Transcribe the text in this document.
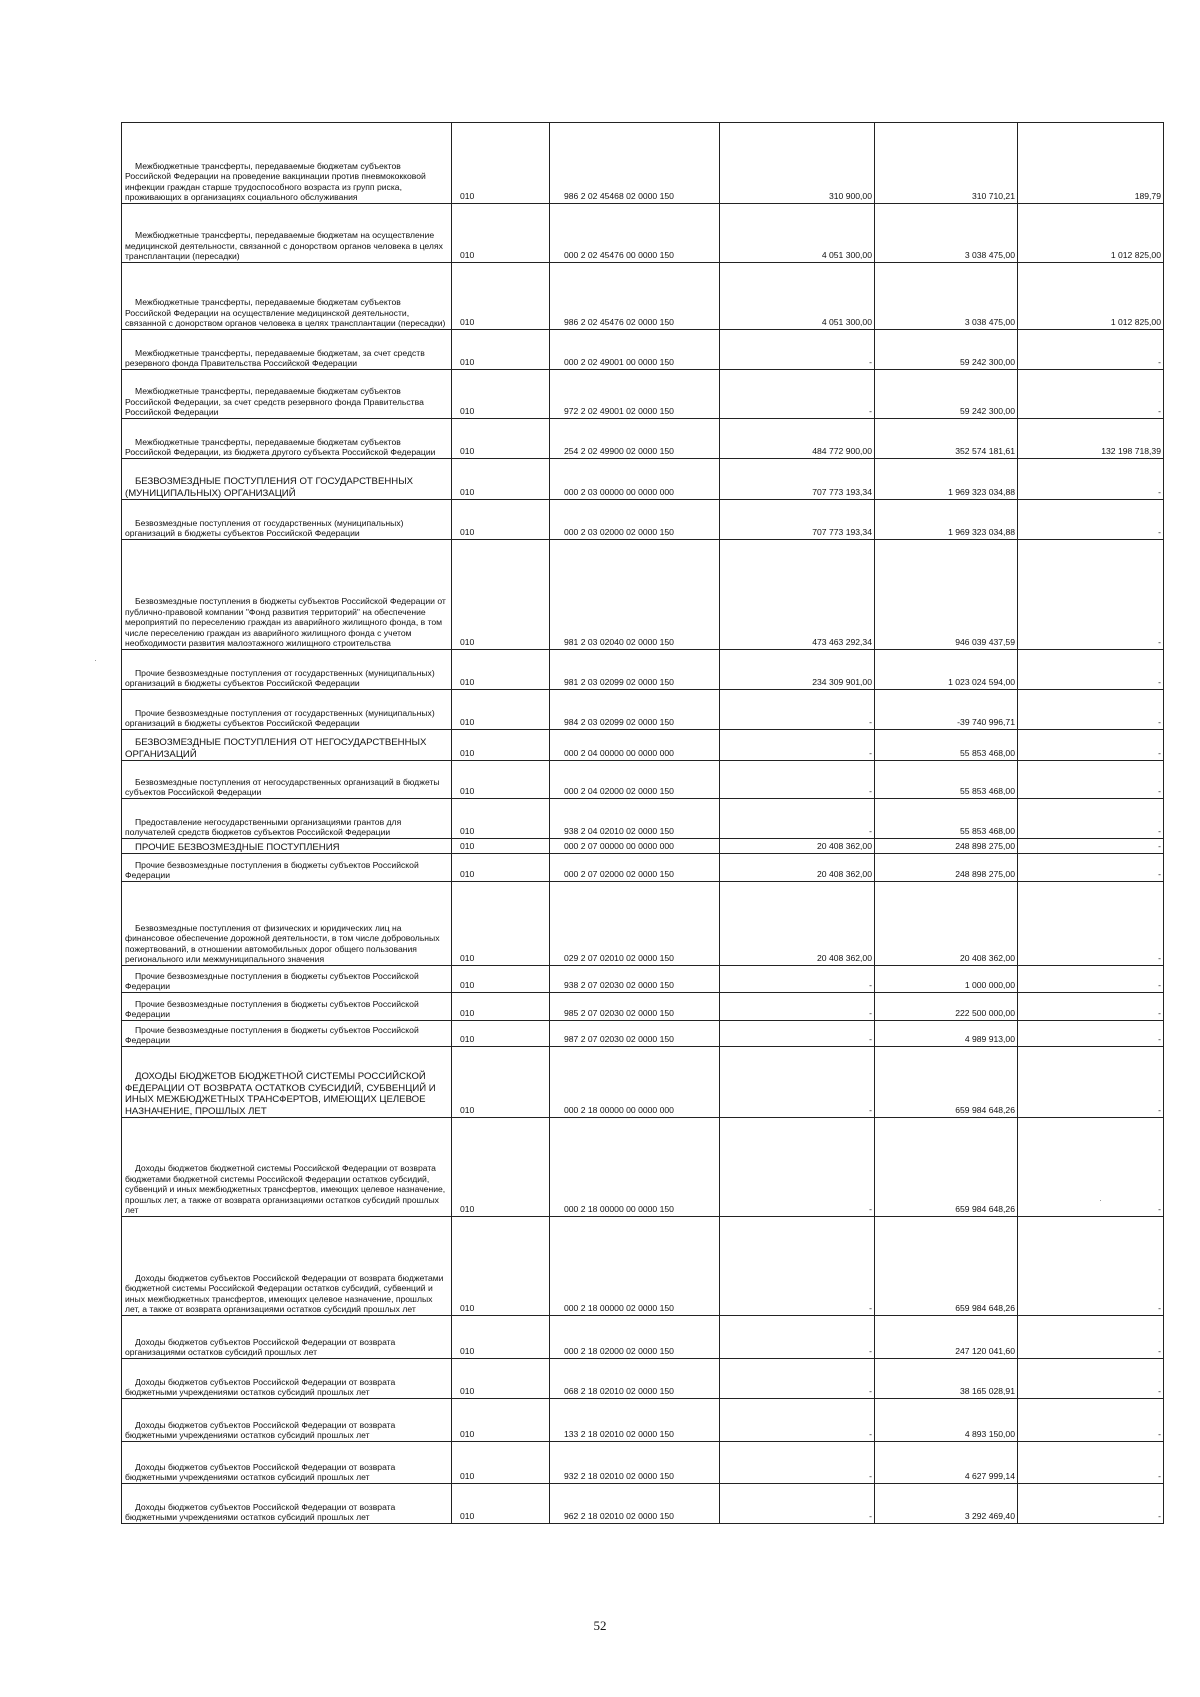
Межбюджетные трансферты, передаваемые бюджетам субъектов Российской Федерации на проведение вакцинации против пневмококковой инфекции граждан старше трудоспособного возраста из групп риска, проживающих в организациях социального обслуживания	010	986 2 02 45468 02 0000 150	310 900,00	310 710,21	189,79
Межбюджетные трансферты, передаваемые бюджетам на осуществление медицинской деятельности, связанной с донорством органов человека в целях трансплантации (пересадки)	010	000 2 02 45476 00 0000 150	4 051 300,00	3 038 475,00	1 012 825,00
Межбюджетные трансферты, передаваемые бюджетам субъектов Российской Федерации на осуществление медицинской деятельности, связанной с донорством органов человека в целях трансплантации (пересадки)	010	986 2 02 45476 02 0000 150	4 051 300,00	3 038 475,00	1 012 825,00
Межбюджетные трансферты, передаваемые бюджетам, за счет средств резервного фонда Правительства Российской Федерации	010	000 2 02 49001 00 0000 150	-	59 242 300,00	-
Межбюджетные трансферты, передаваемые бюджетам субъектов Российской Федерации, за счет средств резервного фонда Правительства Российской Федерации	010	972 2 02 49001 02 0000 150	-	59 242 300,00	-
Межбюджетные трансферты, передаваемые бюджетам субъектов Российской Федерации, из бюджета другого субъекта Российской Федерации	010	254 2 02 49900 02 0000 150	484 772 900,00	352 574 181,61	132 198 718,39
БЕЗВОЗМЕЗДНЫЕ ПОСТУПЛЕНИЯ ОТ ГОСУДАРСТВЕННЫХ (МУНИЦИПАЛЬНЫХ) ОРГАНИЗАЦИЙ	010	000 2 03 00000 00 0000 000	707 773 193,34	1 969 323 034,88	-
Безвозмездные поступления от государственных (муниципальных) организаций в бюджеты субъектов Российской Федерации	010	000 2 03 02000 02 0000 150	707 773 193,34	1 969 323 034,88	-
Безвозмездные поступления в бюджеты субъектов Российской Федерации от публично-правовой компании "Фонд развития территорий" на обеспечение мероприятий по переселению граждан из аварийного жилищного фонда, в том числе переселению граждан из аварийного жилищного фонда с учетом необходимости развития малоэтажного жилищного строительства	010	981 2 03 02040 02 0000 150	473 463 292,34	946 039 437,59	-
Прочие безвозмездные поступления от государственных (муниципальных) организаций в бюджеты субъектов Российской Федерации	010	981 2 03 02099 02 0000 150	234 309 901,00	1 023 024 594,00	-
Прочие безвозмездные поступления от государственных (муниципальных) организаций в бюджеты субъектов Российской Федерации	010	984 2 03 02099 02 0000 150	-	-39 740 996,71	-
БЕЗВОЗМЕЗДНЫЕ ПОСТУПЛЕНИЯ ОТ НЕГОСУДАРСТВЕННЫХ ОРГАНИЗАЦИЙ	010	000 2 04 00000 00 0000 000	-	55 853 468,00	-
Безвозмездные поступления от негосударственных организаций в бюджеты субъектов Российской Федерации	010	000 2 04 02000 02 0000 150	-	55 853 468,00	-
Предоставление негосударственными организациями грантов для получателей средств бюджетов субъектов Российской Федерации	010	938 2 04 02010 02 0000 150	-	55 853 468,00	-
ПРОЧИЕ БЕЗВОЗМЕЗДНЫЕ ПОСТУПЛЕНИЯ	010	000 2 07 00000 00 0000 000	20 408 362,00	248 898 275,00	-
Прочие безвозмездные поступления в бюджеты субъектов Российской Федерации	010	000 2 07 02000 02 0000 150	20 408 362,00	248 898 275,00	-
Безвозмездные поступления от физических и юридических лиц на финансовое обеспечение дорожной деятельности, в том числе добровольных пожертвований, в отношении автомобильных дорог общего пользования регионального или межмуниципального значения	010	029 2 07 02010 02 0000 150	20 408 362,00	20 408 362,00	-
Прочие безвозмездные поступления в бюджеты субъектов Российской Федерации	010	938 2 07 02030 02 0000 150	-	1 000 000,00	-
Прочие безвозмездные поступления в бюджеты субъектов Российской Федерации	010	985 2 07 02030 02 0000 150	-	222 500 000,00	-
Прочие безвозмездные поступления в бюджеты субъектов Российской Федерации	010	987 2 07 02030 02 0000 150	-	4 989 913,00	-
ДОХОДЫ БЮДЖЕТОВ БЮДЖЕТНОЙ СИСТЕМЫ РОССИЙСКОЙ ФЕДЕРАЦИИ ОТ ВОЗВРАТА ОСТАТКОВ СУБСИДИЙ, СУБВЕНЦИЙ И ИНЫХ МЕЖБЮДЖЕТНЫХ ТРАНСФЕРТОВ, ИМЕЮЩИХ ЦЕЛЕВОЕ НАЗНАЧЕНИЕ, ПРОШЛЫХ ЛЕТ	010	000 2 18 00000 00 0000 000	-	659 984 648,26	-
Доходы бюджетов бюджетной системы Российской Федерации от возврата бюджетами бюджетной системы Российской Федерации остатков субсидий, субвенций и иных межбюджетных трансфертов, имеющих целевое назначение, прошлых лет, а также от возврата организациями остатков субсидий прошлых лет	010	000 2 18 00000 00 0000 150	-	659 984 648,26	-
Доходы бюджетов субъектов Российской Федерации от возврата бюджетами бюджетной системы Российской Федерации остатков субсидий, субвенций и иных межбюджетных трансфертов, имеющих целевое назначение, прошлых лет, а также от возврата организациями остатков субсидий прошлых лет	010	000 2 18 00000 02 0000 150	-	659 984 648,26	-
Доходы бюджетов субъектов Российской Федерации от возврата организациями остатков субсидий прошлых лет	010	000 2 18 02000 02 0000 150	-	247 120 041,60	-
Доходы бюджетов субъектов Российской Федерации от возврата бюджетными учреждениями остатков субсидий прошлых лет	010	068 2 18 02010 02 0000 150	-	38 165 028,91	-
Доходы бюджетов субъектов Российской Федерации от возврата бюджетными учреждениями остатков субсидий прошлых лет	010	133 2 18 02010 02 0000 150	-	4 893 150,00	-
Доходы бюджетов субъектов Российской Федерации от возврата бюджетными учреждениями остатков субсидий прошлых лет	010	932 2 18 02010 02 0000 150	-	4 627 999,14	-
Доходы бюджетов субъектов Российской Федерации от возврата бюджетными учреждениями остатков субсидий прошлых лет	010	962 2 18 02010 02 0000 150	-	3 292 469,40	-
52
